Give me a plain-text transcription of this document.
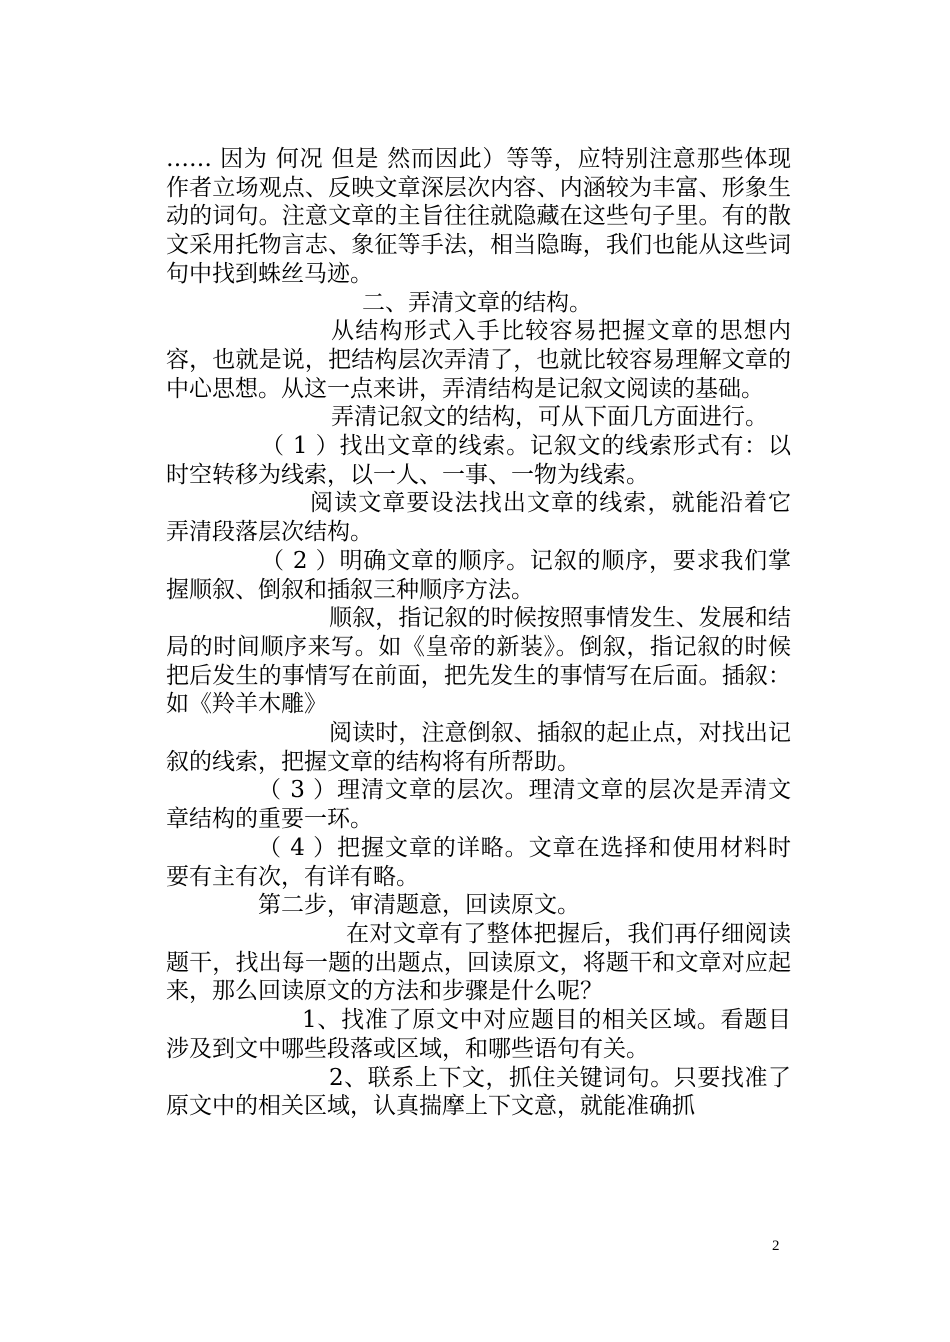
…… 因为 何况 但是 然而因此）等等，应特别注意那些体现作者立场观点、反映文章深层次内容、内涵较为丰富、形象生动的词句。注意文章的主旨往往就隐藏在这些句子里。有的散文采用托物言志、象征等手法，相当隐晦，我们也能从这些词句中找到蛛丝马迹。

二、弄清文章的结构。

从结构形式入手比较容易把握文章的思想内容，也就是说，把结构层次弄清了，也就比较容易理解文章的中心思想。从这一点来讲，弄清结构是记叙文阅读的基础。

弄清记叙文的结构，可从下面几方面进行。

（ 1 ）找出文章的线索。记叙文的线索形式有：以时空转移为线索，以一人、一事、一物为线索。

阅读文章要设法找出文章的线索，就能沿着它弄清段落层次结构。

（ 2 ）明确文章的顺序。记叙的顺序，要求我们掌握顺叙、倒叙和插叙三种顺序方法。

顺叙，指记叙的时候按照事情发生、发展和结局的时间顺序来写。如《皇帝的新装》。倒叙，指记叙的时候把后发生的事情写在前面，把先发生的事情写在后面。插叙：如《羚羊木雕》

阅读时，注意倒叙、插叙的起止点，对找出记叙的线索，把握文章的结构将有所帮助。

（ 3 ）理清文章的层次。理清文章的层次是弄清文章结构的重要一环。

（ 4 ）把握文章的详略。文章在选择和使用材料时要有主有次，有详有略。

第二步，审清题意，回读原文。

在对文章有了整体把握后，我们再仔细阅读题干，找出每一题的出题点，回读原文，将题干和文章对应起来，那么回读原文的方法和步骤是什么呢？

1、找准了原文中对应题目的相关区域。看题目涉及到文中哪些段落或区域，和哪些语句有关。

2、联系上下文，抓住关键词句。只要找准了原文中的相关区域，认真揣摩上下文意，就能准确抓

2
